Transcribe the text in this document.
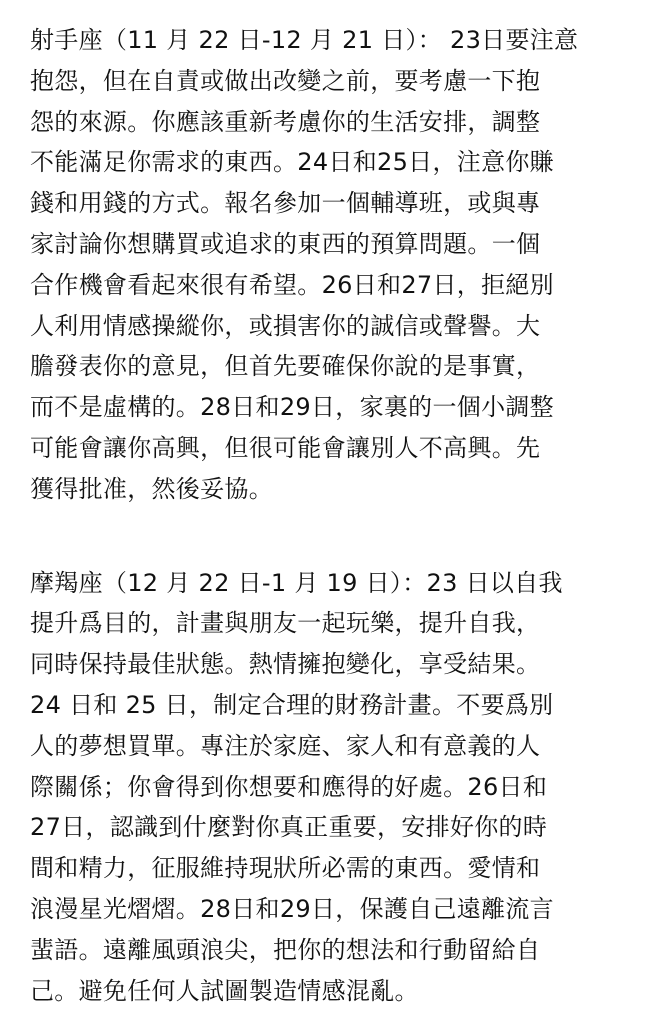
射手座（11 月 22 日-12 月 21 日）： 23日要注意
抱怨，但在自責或做出改變之前，要考慮一下抱
怨的來源。你應該重新考慮你的生活安排，調整
不能滿足你需求的東西。24日和25日，注意你賺
錢和用錢的方式。報名參加一個輔導班，或與專
家討論你想購買或追求的東西的預算問題。一個
合作機會看起來很有希望。26日和27日，拒絕別
人利用情感操縱你，或損害你的誠信或聲譽。大
膽發表你的意見，但首先要確保你說的是事實，
而不是虛構的。28日和29日，家裏的一個小調整
可能會讓你高興，但很可能會讓別人不高興。先
獲得批准，然後妥協。
摩羯座（12 月 22 日-1 月 19 日）：23 日以自我
提升爲目的，計畫與朋友一起玩樂，提升自我，
同時保持最佳狀態。熱情擁抱變化，享受結果。
24 日和 25 日，制定合理的財務計畫。不要爲別
人的夢想買單。專注於家庭、家人和有意義的人
際關係；你會得到你想要和應得的好處。26日和
27日，認識到什麼對你真正重要，安排好你的時
間和精力，征服維持現狀所必需的東西。愛情和
浪漫星光熠熠。28日和29日，保護自己遠離流言
蜚語。遠離風頭浪尖，把你的想法和行動留給自
己。避免任何人試圖製造情感混亂。
